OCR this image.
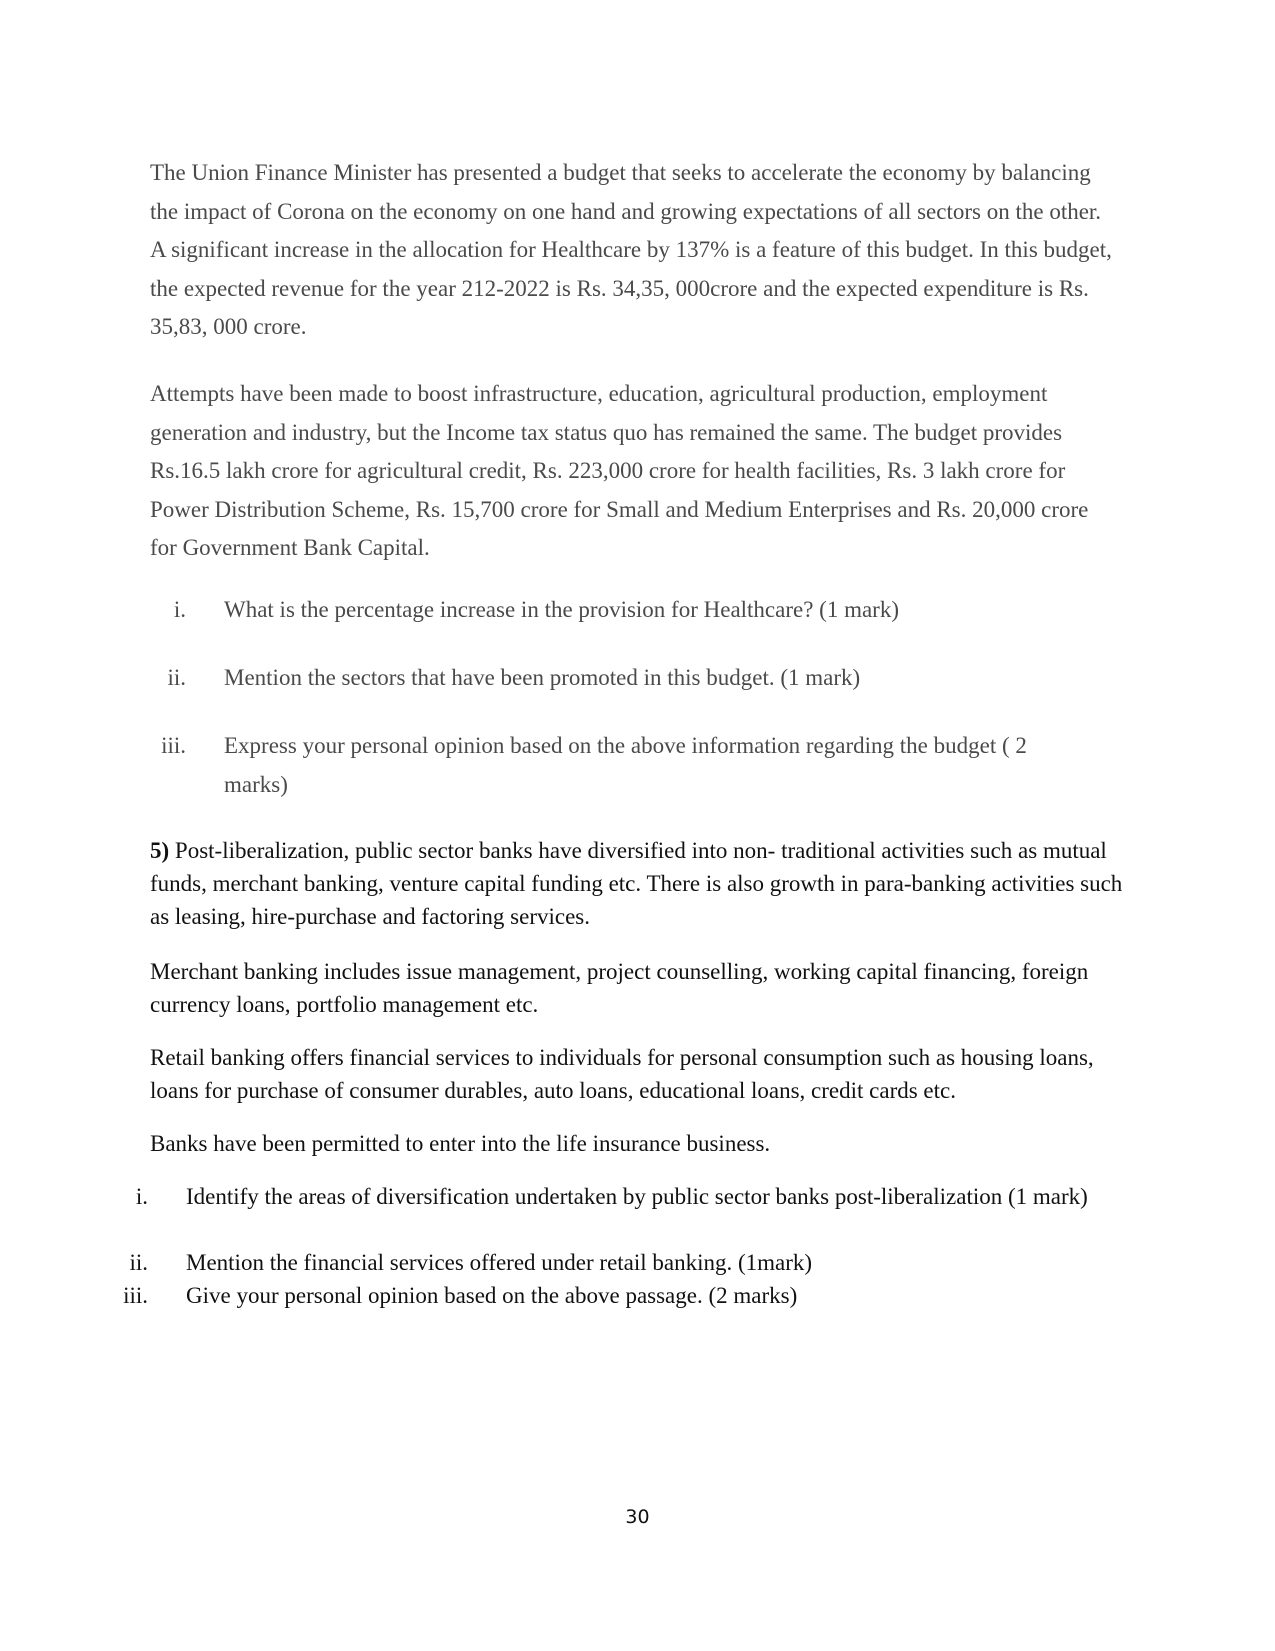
The Union Finance Minister has presented a budget that seeks to accelerate the economy by balancing the impact of Corona on the economy on one hand and growing expectations of all sectors on the other. A significant increase in the allocation for Healthcare by 137% is a feature of this budget. In this budget, the expected revenue for the year 212-2022 is Rs. 34,35, 000crore and the expected expenditure is Rs. 35,83, 000 crore.

Attempts have been made to boost infrastructure, education, agricultural production, employment generation and industry, but the Income tax status quo has remained the same. The budget provides Rs.16.5 lakh crore for agricultural credit, Rs. 223,000 crore for health facilities, Rs. 3 lakh crore for Power Distribution Scheme, Rs. 15,700 crore for Small and Medium Enterprises and Rs. 20,000 crore for Government Bank Capital.

i. What is the percentage increase in the provision for Healthcare? (1 mark)
ii. Mention the sectors that have been promoted in this budget. (1 mark)
iii. Express your personal opinion based on the above information regarding the budget ( 2 marks)

5) Post-liberalization, public sector banks have diversified into non- traditional activities such as mutual funds, merchant banking, venture capital funding etc. There is also growth in para-banking activities such as leasing, hire-purchase and factoring services.

Merchant banking includes issue management, project counselling, working capital financing, foreign currency loans, portfolio management etc.

Retail banking offers financial services to individuals for personal consumption such as housing loans, loans for purchase of consumer durables, auto loans, educational loans, credit cards etc.

Banks have been permitted to enter into the life insurance business.

i. Identify the areas of diversification undertaken by public sector banks post-liberalization (1 mark)
ii. Mention the financial services offered under retail banking. (1mark)
iii. Give your personal opinion based on the above passage. (2 marks)
30
